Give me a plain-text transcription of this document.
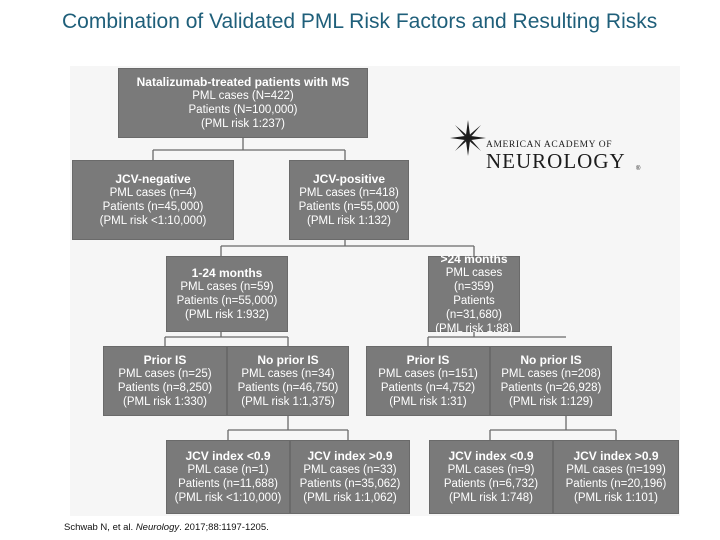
Combination of Validated PML Risk Factors and Resulting Risks
Natalizumab-treated patients with MS
PML cases (N=422)
Patients (N=100,000)
(PML risk 1:237)
JCV-negative
PML cases (n=4)
Patients (n=45,000)
(PML risk <1:10,000)
JCV-positive
PML cases (n=418)
Patients (n=55,000)
(PML risk 1:132)
1-24 months
PML cases (n=59)
Patients (n=55,000)
(PML risk 1:932)
>24 months
PML cases (n=359)
Patients (n=31,680)
(PML risk 1:88)
Prior IS
PML cases (n=25)
Patients (n=8,250)
(PML risk 1:330)
No prior IS
PML cases (n=34)
Patients (n=46,750)
(PML risk 1:1,375)
Prior IS
PML cases (n=151)
Patients (n=4,752)
(PML risk 1:31)
No prior IS
PML cases (n=208)
Patients (n=26,928)
(PML risk 1:129)
JCV index <0.9
PML case (n=1)
Patients (n=11,688)
(PML risk <1:10,000)
JCV index >0.9
PML cases (n=33)
Patients (n=35,062)
(PML risk 1:1,062)
JCV index <0.9
PML cases (n=9)
Patients (n=6,732)
(PML risk 1:748)
JCV index >0.9
PML cases (n=199)
Patients (n=20,196)
(PML risk 1:101)
AMERICAN ACADEMY OF
NEUROLOGY ®
Schwab N, et al. Neurology. 2017;88:1197-1205.
